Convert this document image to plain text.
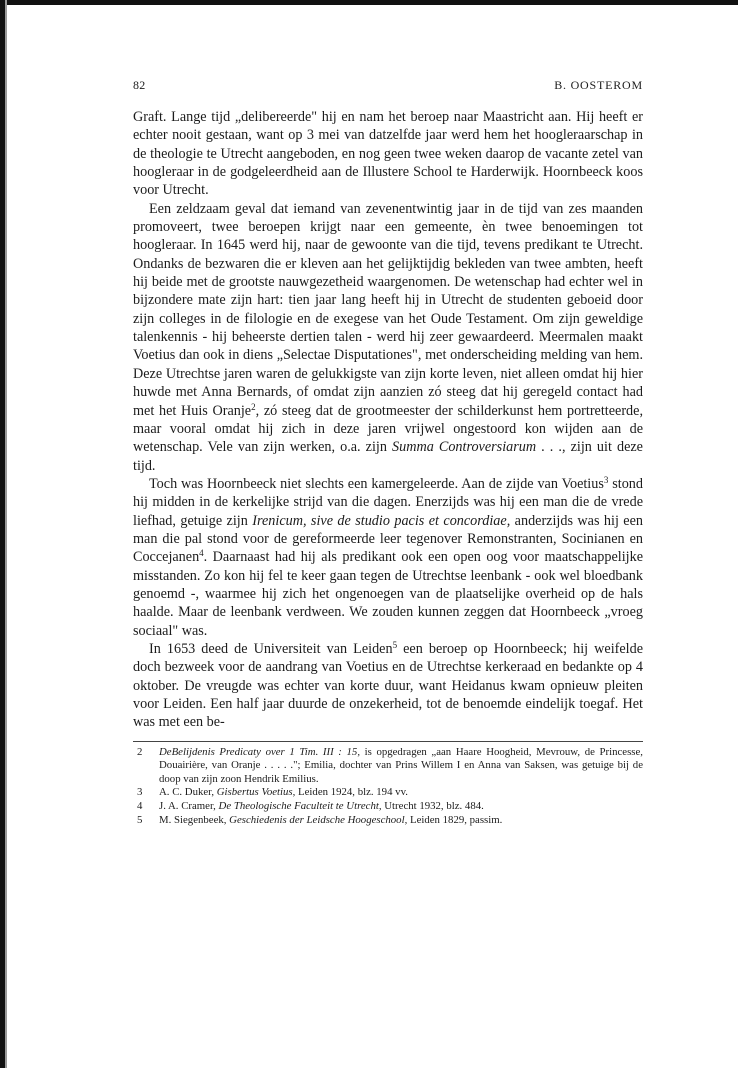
82	B. OOSTEROM

Graft. Lange tijd „delibereerde" hij en nam het beroep naar Maastricht aan. Hij heeft er echter nooit gestaan, want op 3 mei van datzelfde jaar werd hem het hoogleraarschap in de theologie te Utrecht aangeboden, en nog geen twee weken daarop de vacante zetel van hoogleraar in de godgeleerdheid aan de Illustere School te Harderwijk. Hoornbeeck koos voor Utrecht.

Een zeldzaam geval dat iemand van zevenentwintig jaar in de tijd van zes maanden promoveert, twee beroepen krijgt naar een gemeente, èn twee benoemingen tot hoogleraar. In 1645 werd hij, naar de gewoonte van die tijd, tevens predikant te Utrecht. Ondanks de bezwaren die er kleven aan het gelijktijdig bekleden van twee ambten, heeft hij beide met de grootste nauwgezetheid waargenomen. De wetenschap had echter wel in bijzondere mate zijn hart: tien jaar lang heeft hij in Utrecht de studenten geboeid door zijn colleges in de filologie en de exegese van het Oude Testament. Om zijn geweldige talenkennis - hij beheerste dertien talen - werd hij zeer gewaardeerd. Meermalen maakt Voetius dan ook in diens „Selectae Disputationes", met onderscheiding melding van hem. Deze Utrechtse jaren waren de gelukkigste van zijn korte leven, niet alleen omdat hij hier huwde met Anna Bernards, of omdat zijn aanzien zó steeg dat hij geregeld contact had met het Huis Oranje$^2$, zó steeg dat de grootmeester der schilderkunst hem portretteerde, maar vooral omdat hij zich in deze jaren vrijwel ongestoord kon wijden aan de wetenschap. Vele van zijn werken, o.a. zijn Summa Controversiarum . . ., zijn uit deze tijd.

Toch was Hoornbeeck niet slechts een kamergeleerde. Aan de zijde van Voetius$^3$ stond hij midden in de kerkelijke strijd van die dagen. Enerzijds was hij een man die de vrede liefhad, getuige zijn Irenicum, sive de studio pacis et concordiae, anderzijds was hij een man die pal stond voor de gereformeerde leer tegenover Remonstranten, Socinianen en Coccejanen$^4$. Daarnaast had hij als predikant ook een open oog voor maatschappelijke misstanden. Zo kon hij fel te keer gaan tegen de Utrechtse leenbank - ook wel bloedbank genoemd -, waarmee hij zich het ongenoegen van de plaatselijke overheid op de hals haalde. Maar de leenbank verdween. We zouden kunnen zeggen dat Hoornbeeck „vroeg sociaal" was.

In 1653 deed de Universiteit van Leiden$^5$ een beroep op Hoornbeeck; hij weifelde doch bezweek voor de aandrang van Voetius en de Utrechtse kerkeraad en bedankte op 4 oktober. De vreugde was echter van korte duur, want Heidanus kwam opnieuw pleiten voor Leiden. Een half jaar duurde de onzekerheid, tot de benoemde eindelijk toegaf. Het was met een be-

2	DeBelijdenis Predicaty over 1 Tim. III : 15, is opgedragen „aan Haare Hoogheid, Mevrouw, de Princesse, Douairière, van Oranje . . . . ."; Emilia, dochter van Prins Willem I en Anna van Saksen, was getuige bij de doop van zijn zoon Hendrik Emilius.
3	A. C. Duker, Gisbertus Voetius, Leiden 1924, blz. 194 vv.
4	J. A. Cramer, De Theologische Faculteit te Utrecht, Utrecht 1932, blz. 484.
5	M. Siegenbeek, Geschiedenis der Leidsche Hoogeschool, Leiden 1829, passim.
